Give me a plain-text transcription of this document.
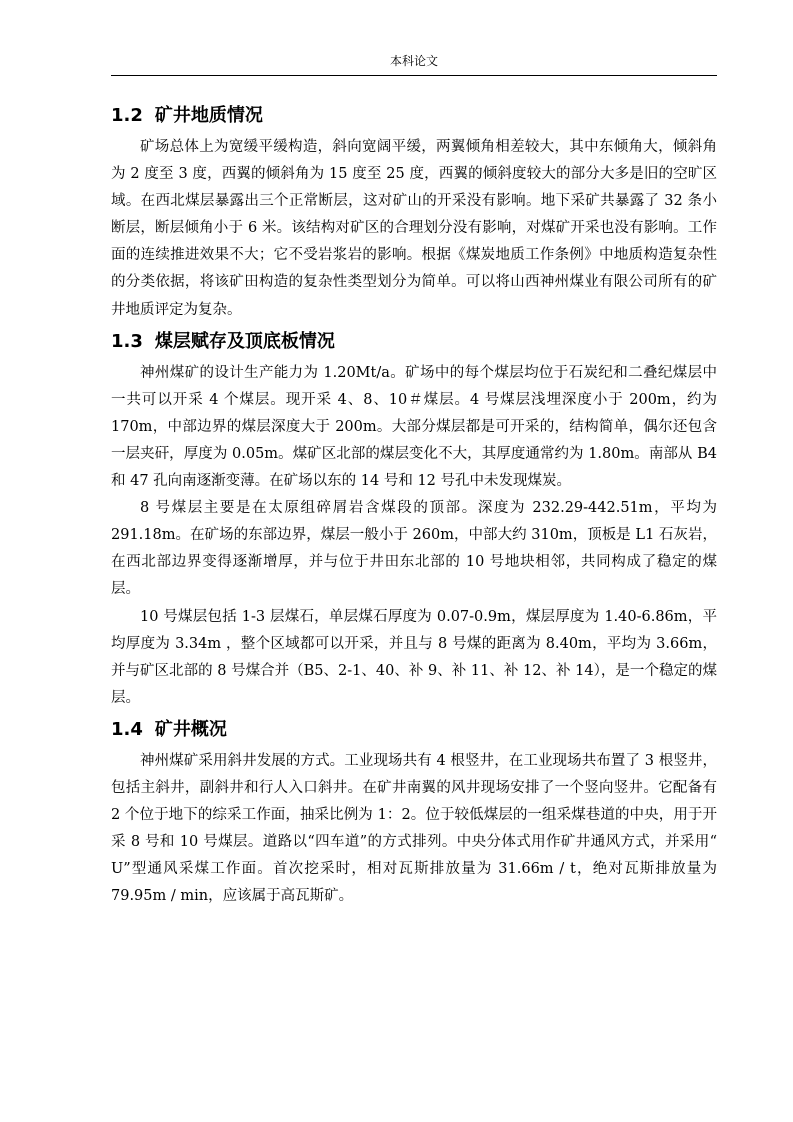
本科论文
1.2 矿井地质情况

矿场总体上为宽缓平缓构造，斜向宽阔平缓，两翼倾角相差较大，其中东倾角大，倾斜角为 2 度至 3 度，西翼的倾斜角为 15 度至 25 度，西翼的倾斜度较大的部分大多是旧的空旷区域。在西北煤层暴露出三个正常断层，这对矿山的开采没有影响。地下采矿共暴露了 32 条小断层，断层倾角小于 6 米。该结构对矿区的合理划分没有影响，对煤矿开采也没有影响。工作面的连续推进效果不大；它不受岩浆岩的影响。根据《煤炭地质工作条例》中地质构造复杂性的分类依据，将该矿田构造的复杂性类型划分为简单。可以将山西神州煤业有限公司所有的矿井地质评定为复杂。

1.3 煤层赋存及顶底板情况

神州煤矿的设计生产能力为 1.20Mt/a。矿场中的每个煤层均位于石炭纪和二叠纪煤层中一共可以开采 4 个煤层。现开采 4、8、10＃煤层。4 号煤层浅埋深度小于 200m，约为 170m，中部边界的煤层深度大于 200m。大部分煤层都是可开采的，结构简单，偶尔还包含一层夹矸，厚度为 0.05m。煤矿区北部的煤层变化不大，其厚度通常约为 1.80m。南部从 B4 和 47 孔向南逐渐变薄。在矿场以东的 14 号和 12 号孔中未发现煤炭。

8 号煤层主要是在太原组碎屑岩含煤段的顶部。深度为 232.29-442.51m，平均为 291.18m。在矿场的东部边界，煤层一般小于 260m，中部大约 310m，顶板是 L1 石灰岩，在西北部边界变得逐渐增厚，并与位于井田东北部的 10 号地块相邻，共同构成了稳定的煤层。

10 号煤层包括 1-3 层煤石，单层煤石厚度为 0.07-0.9m，煤层厚度为 1.40-6.86m，平均厚度为 3.34m ，整个区域都可以开采，并且与 8 号煤的距离为 8.40m，平均为 3.66m，并与矿区北部的 8 号煤合并（B5、2-1、40、补 9、补 11、补 12、补 14），是一个稳定的煤层。

1.4 矿井概况

神州煤矿采用斜井发展的方式。工业现场共有 4 根竖井，在工业现场共布置了 3 根竖井，包括主斜井，副斜井和行人入口斜井。在矿井南翼的风井现场安排了一个竖向竖井。它配备有 2 个位于地下的综采工作面，抽采比例为 1：2。位于较低煤层的一组采煤巷道的中央，用于开采 8 号和 10 号煤层。道路以“四车道”的方式排列。中央分体式用作矿井通风方式，并采用“ U”型通风采煤工作面。首次挖采时，相对瓦斯排放量为 31.66m / t，绝对瓦斯排放量为 79.95m / min，应该属于高瓦斯矿。
